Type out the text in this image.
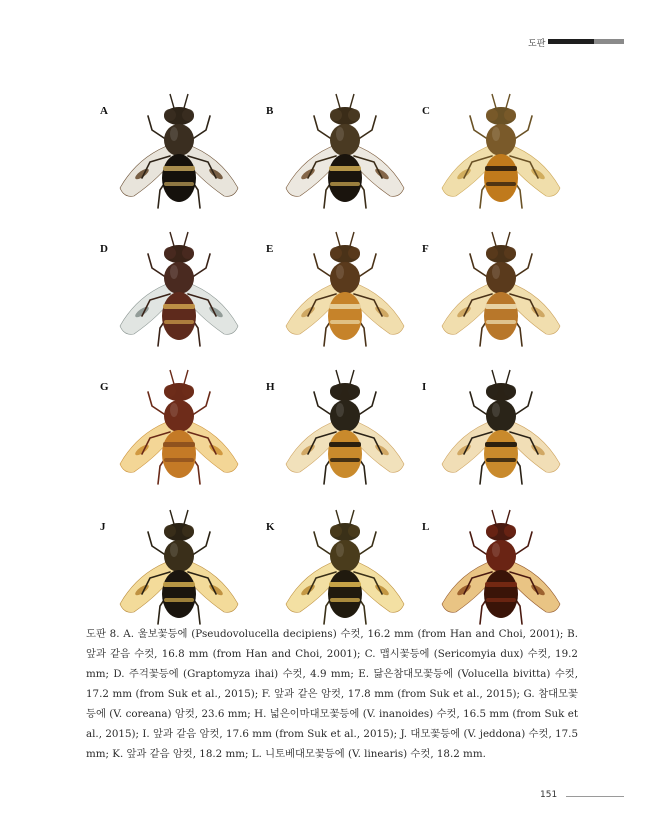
도판
A	B	C
D	E	F
G	H	I
J	K	L

도판 8. A. 울보꽃등에 (Pseudovolucella decipiens) 수컷, 16.2 mm (from Han and Choi, 2001); B. 앞과 같음 수컷, 16.8 mm (from Han and Choi, 2001); C. 맵시꽃등에 (Sericomyia dux) 수컷, 19.2 mm; D. 주걱꽃등에 (Graptomyza ihai) 수컷, 4.9 mm; E. 닮은참대모꽃등에 (Volucella bivitta) 수컷, 17.2 mm (from Suk et al., 2015); F. 앞과 같은 암컷, 17.8 mm (from Suk et al., 2015); G. 참대모꽃등에 (V. coreana) 암컷, 23.6 mm; H. 넓은이마대모꽃등에 (V. inanoides) 수컷, 16.5 mm (from Suk et al., 2015); I. 앞과 같음 암컷, 17.6 mm (from Suk et al., 2015); J. 대모꽃등에 (V. jeddona) 수컷, 17.5 mm; K. 앞과 같음 암컷, 18.2 mm; L. 니토베대모꽃등에 (V. linearis) 수컷, 18.2 mm.

151
